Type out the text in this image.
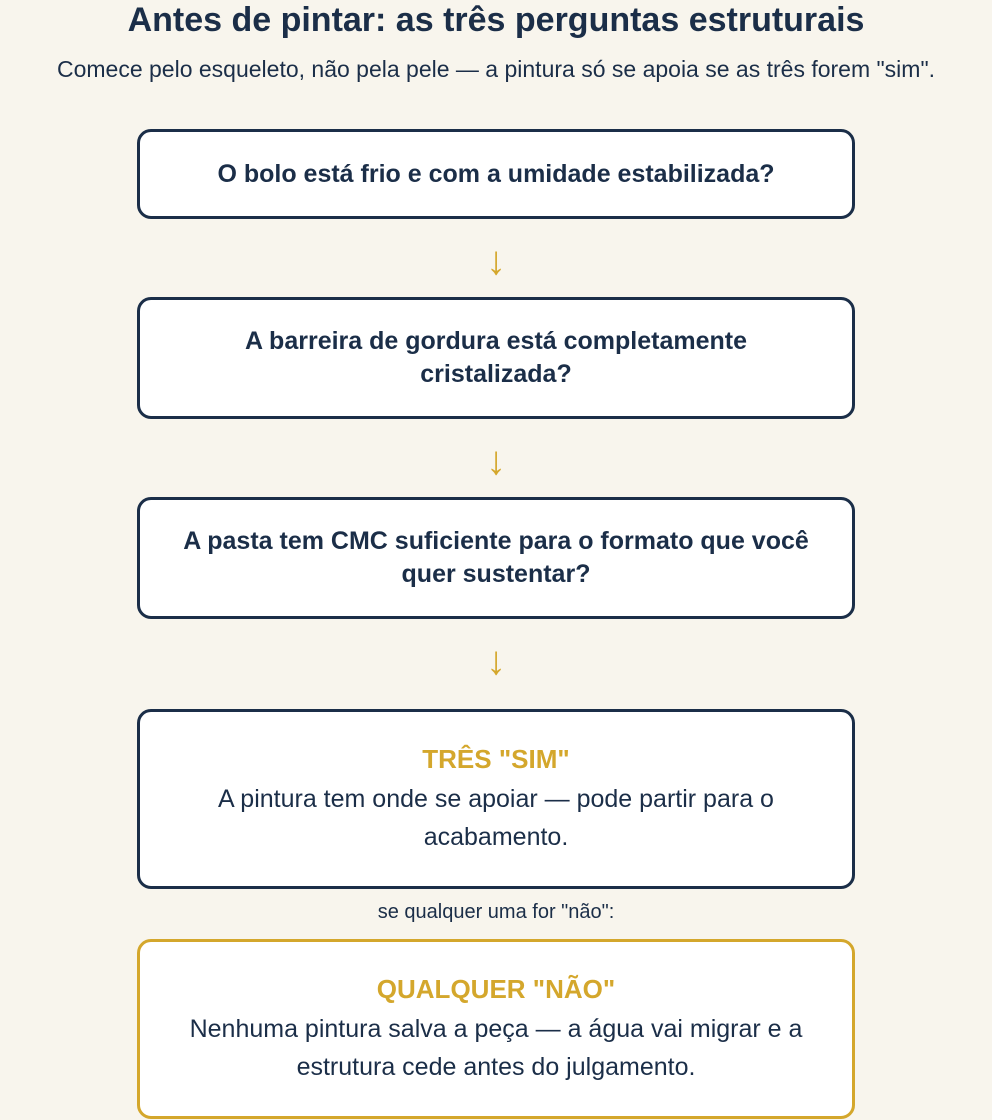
Antes de pintar: as três perguntas estruturais
Comece pelo esqueleto, não pela pele — a pintura só se apoia se as três forem "sim".
O bolo está frio e com a umidade estabilizada?
↓
A barreira de gordura está completamente cristalizada?
↓
A pasta tem CMC suficiente para o formato que você quer sustentar?
↓
TRÊS "SIM"
A pintura tem onde se apoiar — pode partir para o acabamento.
se qualquer uma for "não":
QUALQUER "NÃO"
Nenhuma pintura salva a peça — a água vai migrar e a estrutura cede antes do julgamento.
